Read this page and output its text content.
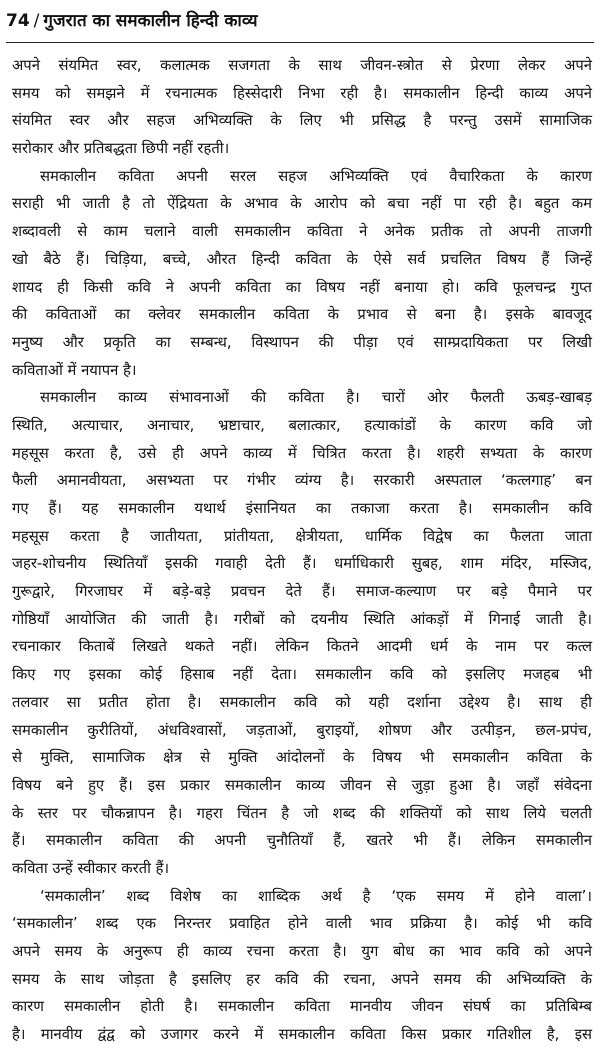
74 / गुजरात का समकालीन हिन्दी काव्य
अपने संयमित स्वर, कलात्मक सजगता के साथ जीवन-स्त्रोत से प्रेरणा लेकर अपने
समय को समझने में रचनात्मक हिस्सेदारी निभा रही है। समकालीन हिन्दी काव्य अपने
संयमित स्वर और सहज अभिव्यक्ति के लिए भी प्रसिद्ध है परन्तु उसमें सामाजिक
सरोकार और प्रतिबद्धता छिपी नहीं रहती।
समकालीन कविता अपनी सरल सहज अभिव्यक्ति एवं वैचारिकता के कारण
सराही भी जाती है तो ऐंद्रियता के अभाव के आरोप को बचा नहीं पा रही है। बहुत कम
शब्दावली से काम चलाने वाली समकालीन कविता ने अनेक प्रतीक तो अपनी ताजगी
खो बैठे हैं। चिड़िया, बच्चे, औरत हिन्दी कविता के ऐसे सर्व प्रचलित विषय हैं जिन्हें
शायद ही किसी कवि ने अपनी कविता का विषय नहीं बनाया हो। कवि फूलचन्द्र गुप्त
की कविताओं का क्लेवर समकालीन कविता के प्रभाव से बना है। इसके बावजूद
मनुष्य और प्रकृति का सम्बन्ध, विस्थापन की पीड़ा एवं साम्प्रदायिकता पर लिखी
कविताओं में नयापन है।
समकालीन काव्य संभावनाओं की कविता है। चारों ओर फैलती ऊबड़-खाबड़
स्थिति, अत्याचार, अनाचार, भ्रष्टाचार, बलात्कार, हत्याकांडों के कारण कवि जो
महसूस करता है, उसे ही अपने काव्य में चित्रित करता है। शहरी सभ्यता के कारण
फैली अमानवीयता, असभ्यता पर गंभीर व्यंग्य है। सरकारी अस्पताल ‘कत्लगाह’ बन
गए हैं। यह समकालीन यथार्थ इंसानियत का तकाजा करता है। समकालीन कवि
महसूस करता है जातीयता, प्रांतीयता, क्षेत्रीयता, धार्मिक विद्वेष का फैलता जाता
जहर-शोचनीय स्थितियाँ इसकी गवाही देती हैं। धर्माधिकारी सुबह, शाम मंदिर, मस्जिद,
गुरूद्वारे, गिरजाघर में बड़े-बड़े प्रवचन देते हैं। समाज-कल्याण पर बड़े पैमाने पर
गोष्ठियाँ आयोजित की जाती है। गरीबों को दयनीय स्थिति आंकड़ों में गिनाई जाती है।
रचनाकार किताबें लिखते थकते नहीं। लेकिन कितने आदमी धर्म के नाम पर कत्ल
किए गए इसका कोई हिसाब नहीं देता। समकालीन कवि को इसलिए मजहब भी
तलवार सा प्रतीत होता है। समकालीन कवि को यही दर्शाना उद्देश्य है। साथ ही
समकालीन कुरीतियों, अंधविश्वासों, जड़ताओं, बुराइयों, शोषण और उत्पीड़न, छल-प्रपंच,
से मुक्ति, सामाजिक क्षेत्र से मुक्ति आंदोलनों के विषय भी समकालीन कविता के
विषय बने हुए हैं। इस प्रकार समकालीन काव्य जीवन से जुड़ा हुआ है। जहाँ संवेदना
के स्तर पर चौकन्नापन है। गहरा चिंतन है जो शब्द की शक्तियों को साथ लिये चलती
हैं। समकालीन कविता की अपनी चुनौतियाँ हैं, खतरे भी हैं। लेकिन समकालीन
कविता उन्हें स्वीकार करती हैं।
‘समकालीन’ शब्द विशेष का शाब्दिक अर्थ है ‘एक समय में होने वाला’।
‘समकालीन’ शब्द एक निरन्तर प्रवाहित होने वाली भाव प्रक्रिया है। कोई भी कवि
अपने समय के अनुरूप ही काव्य रचना करता है। युग बोध का भाव कवि को अपने
समय के साथ जोड़ता है इसलिए हर कवि की रचना, अपने समय की अभिव्यक्ति के
कारण समकालीन होती है। समकालीन कविता मानवीय जीवन संघर्ष का प्रतिबिम्ब
है। मानवीय द्वंद्व को उजागर करने में समकालीन कविता किस प्रकार गतिशील है, इस
